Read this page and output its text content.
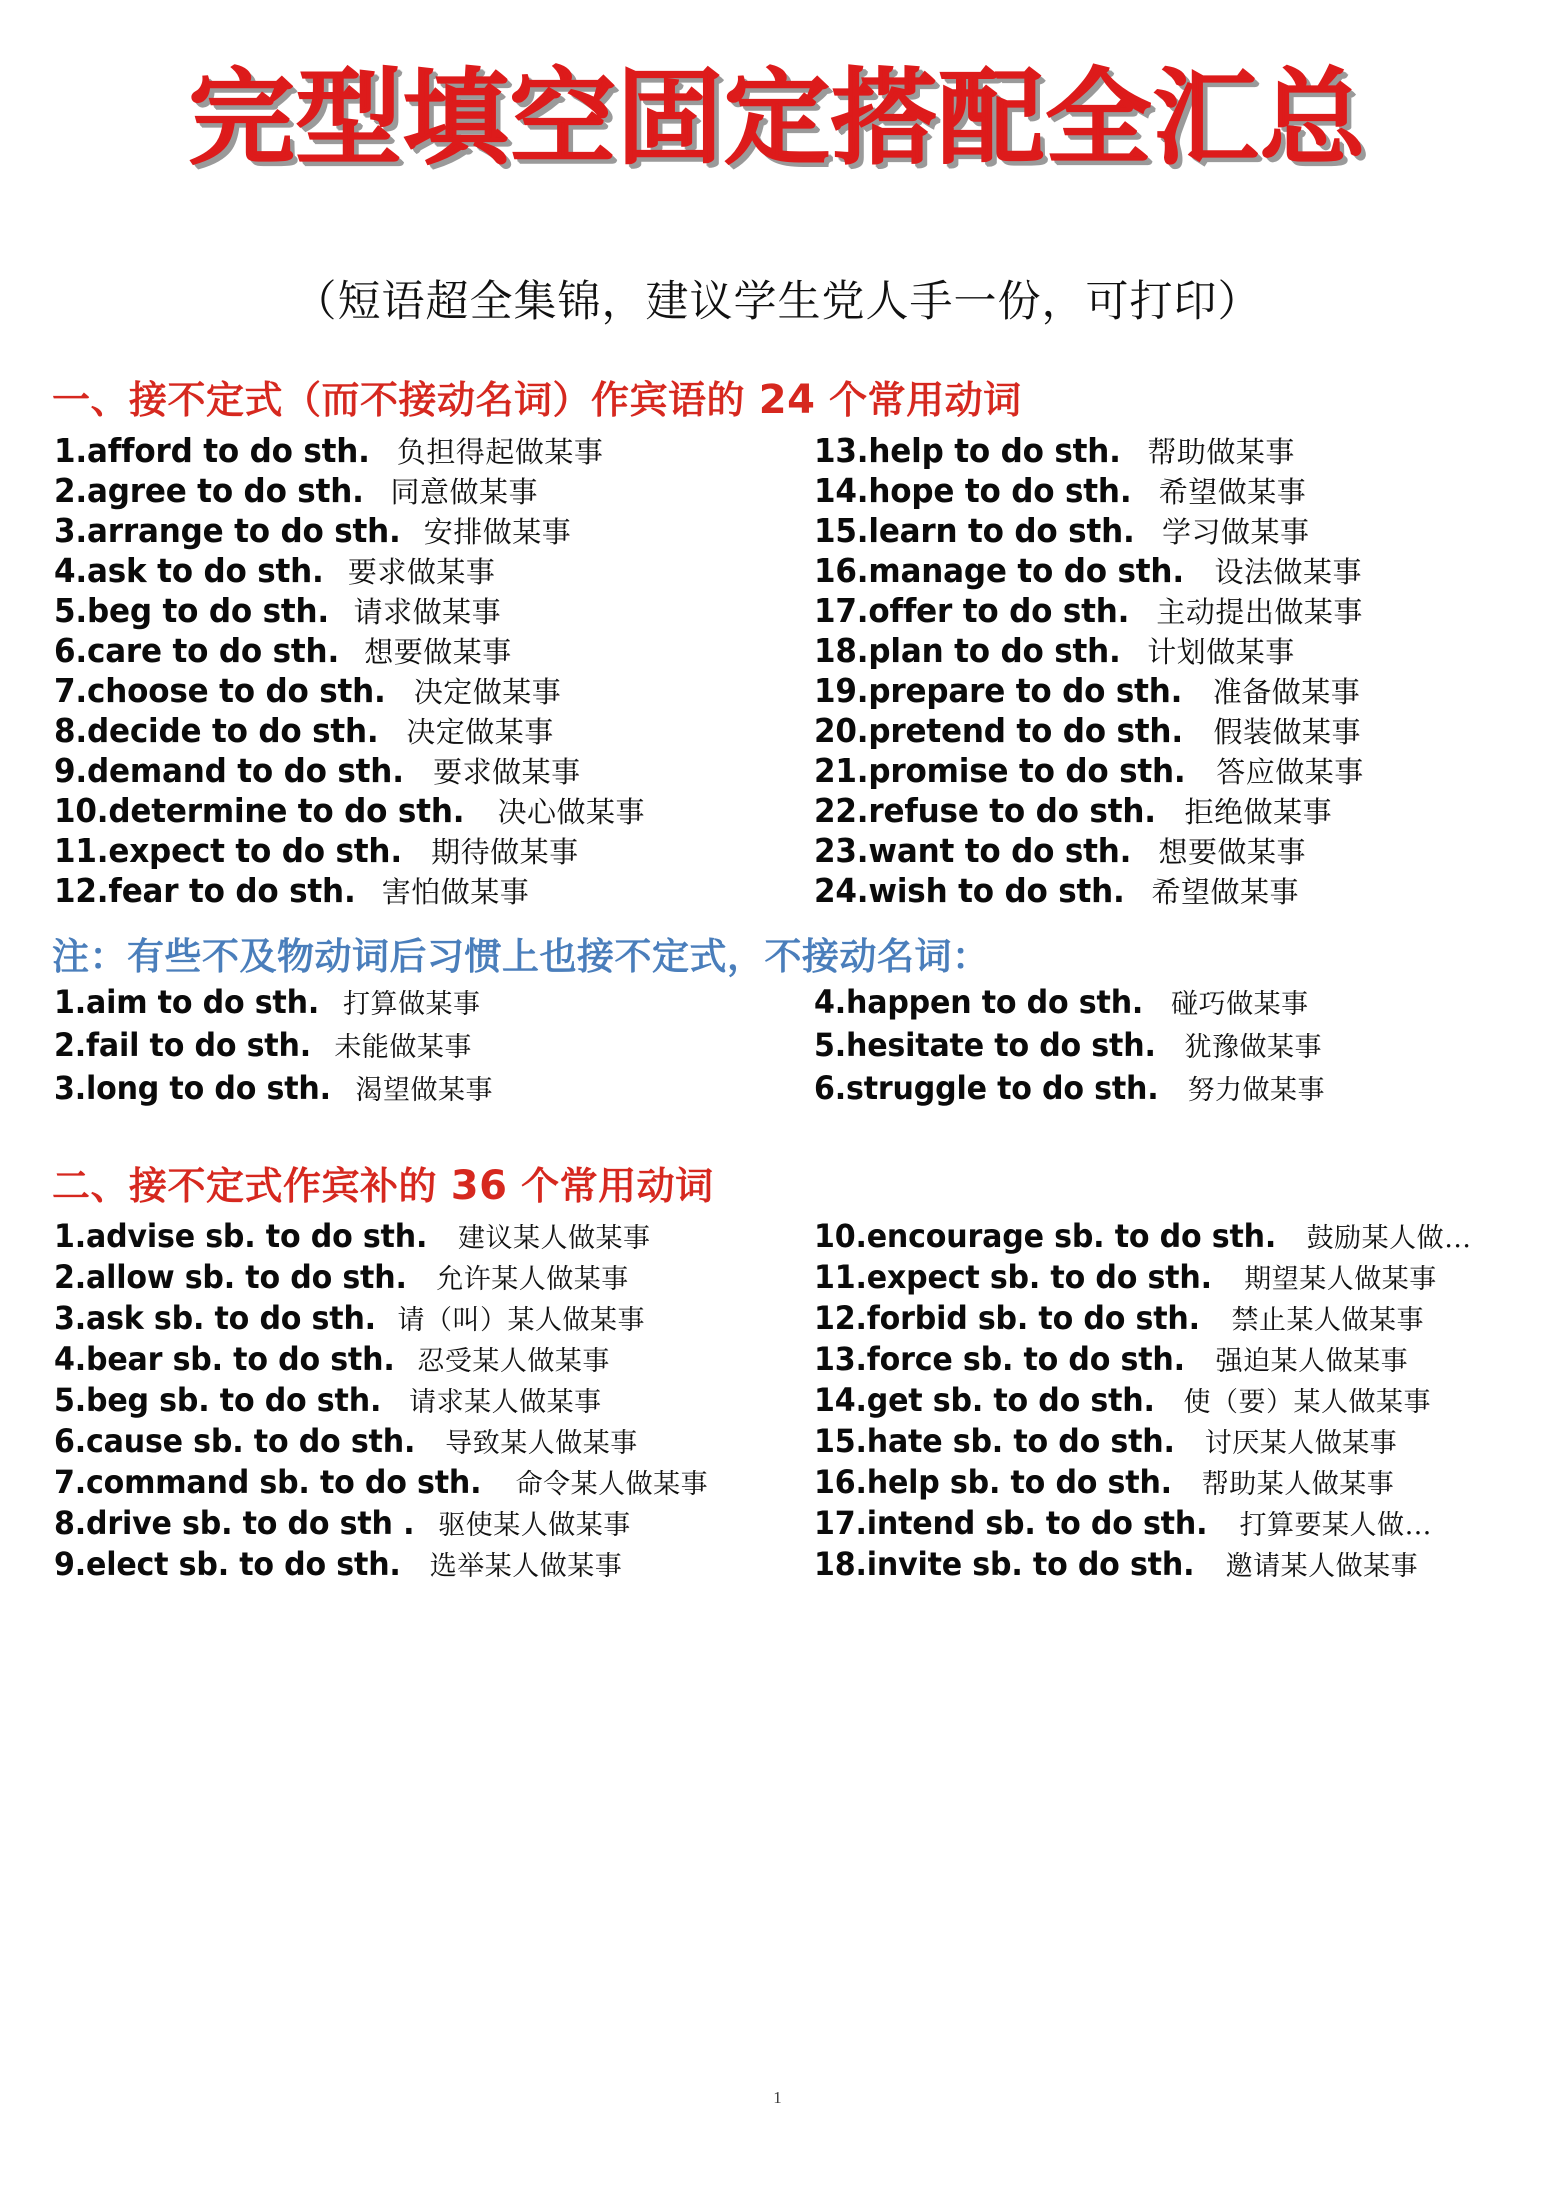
完型填空固定搭配全汇总
（短语超全集锦，建议学生党人手一份，可打印）
一、接不定式（而不接动名词）作宾语的 24 个常用动词
1.afford to do sth. 负担得起做某事
2.agree to do sth. 同意做某事
3.arrange to do sth. 安排做某事
4.ask to do sth. 要求做某事
5.beg to do sth. 请求做某事
6.care to do sth. 想要做某事
7.choose to do sth. 决定做某事
8.decide to do sth. 决定做某事
9.demand to do sth. 要求做某事
10.determine to do sth. 决心做某事
11.expect to do sth. 期待做某事
12.fear to do sth. 害怕做某事
13.help to do sth. 帮助做某事
14.hope to do sth. 希望做某事
15.learn to do sth. 学习做某事
16.manage to do sth. 设法做某事
17.offer to do sth. 主动提出做某事
18.plan to do sth. 计划做某事
19.prepare to do sth. 准备做某事
20.pretend to do sth. 假装做某事
21.promise to do sth. 答应做某事
22.refuse to do sth. 拒绝做某事
23.want to do sth. 想要做某事
24.wish to do sth. 希望做某事
注：有些不及物动词后习惯上也接不定式，不接动名词：
1.aim to do sth. 打算做某事
2.fail to do sth. 未能做某事
3.long to do sth. 渴望做某事
4.happen to do sth. 碰巧做某事
5.hesitate to do sth. 犹豫做某事
6.struggle to do sth. 努力做某事
二、接不定式作宾补的 36 个常用动词
1.advise sb. to do sth. 建议某人做某事
2.allow sb. to do sth. 允许某人做某事
3.ask sb. to do sth. 请（叫）某人做某事
4.bear sb. to do sth. 忍受某人做某事
5.beg sb. to do sth. 请求某人做某事
6.cause sb. to do sth. 导致某人做某事
7.command sb. to do sth. 命令某人做某事
8.drive sb. to do sth . 驱使某人做某事
9.elect sb. to do sth. 选举某人做某事
10.encourage sb. to do sth. 鼓励某人做…
11.expect sb. to do sth. 期望某人做某事
12.forbid sb. to do sth. 禁止某人做某事
13.force sb. to do sth. 强迫某人做某事
14.get sb. to do sth. 使（要）某人做某事
15.hate sb. to do sth. 讨厌某人做某事
16.help sb. to do sth. 帮助某人做某事
17.intend sb. to do sth. 打算要某人做…
18.invite sb. to do sth. 邀请某人做某事
1
